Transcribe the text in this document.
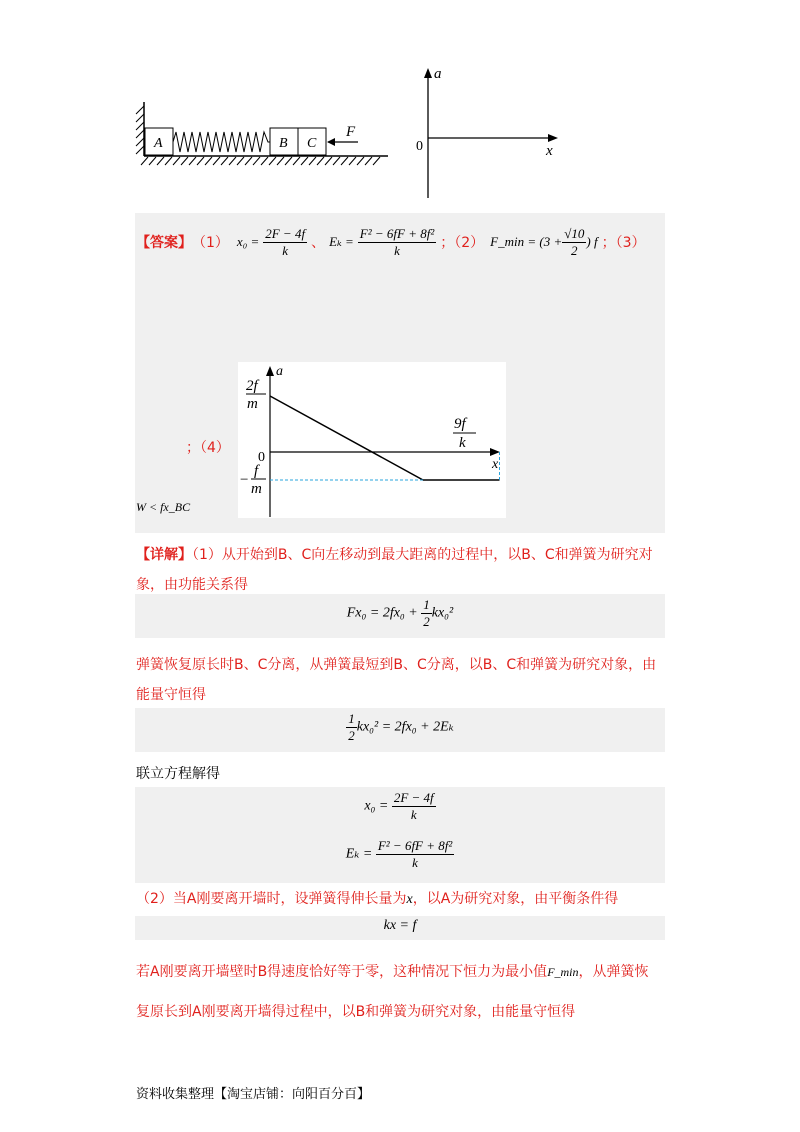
A	B C
F
a
x
0
【答案】 （1） $x_0 = \frac{2F - 4f}{k}$ 、 $E_k = \frac{\text{F² − 6fF + 8f²}}{k}$ ；（2） F_min = ($3 + \frac{√10}{2}$ ) f ；（3）
a
x
0
2f
m
−
f
m
9f
k
；（4）
W < fx_BC
【详解】（1）从开始到B、C向左移动到最大距离的过程中，以B、C和弹簧为研究对象，由功能关系得
$Fx_0 = 2fx_0 + \frac{1}{2} kx_0^2$
弹簧恢复原长时B、C分离，从弹簧最短到B、C分离，以B、C和弹簧为研究对象，由能量守恒得
$\frac{1}{2} kx_0^2 = 2fx_0 + 2E_k$
联立方程解得
$x_0 = \frac{2F - 4f}{k}$
$E_k = \frac{\text{F² − 6fF + 8f²}}{k}$
（2）当A刚要离开墙时，设弹簧得伸长量为x，以A为研究对象，由平衡条件得
kx = f
若A刚要离开墙壁时B得速度恰好等于零，这种情况下恒力为最小值F_min，从弹簧恢
复原长到A刚要离开墙得过程中，以B和弹簧为研究对象，由能量守恒得
资料收集整理【淘宝店铺：向阳百分百】
